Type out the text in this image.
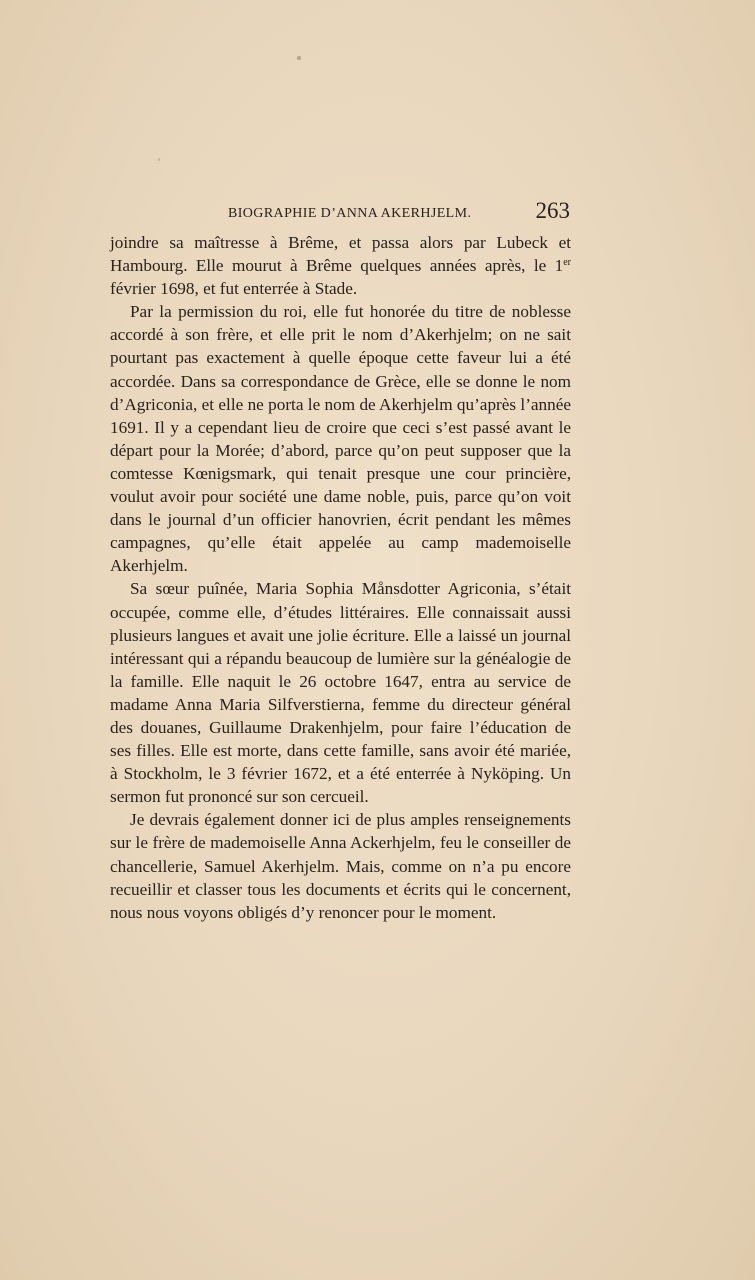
BIOGRAPHIE D’ANNA AKERHJELM.	263

joindre sa maîtresse à Brême, et passa alors par Lubeck et Hambourg. Elle mourut à Brême quelques années après, le 1er février 1698, et fut enterrée à Stade.

Par la permission du roi, elle fut honorée du titre de noblesse accordé à son frère, et elle prit le nom d’Akerhjelm; on ne sait pourtant pas exactement à quelle époque cette faveur lui a été accordée. Dans sa correspondance de Grèce, elle se donne le nom d’Agriconia, et elle ne porta le nom de Akerhjelm qu’après l’année 1691. Il y a cependant lieu de croire que ceci s’est passé avant le départ pour la Morée; d’abord, parce qu’on peut supposer que la comtesse Kœnigsmark, qui tenait presque une cour princière, voulut avoir pour société une dame noble, puis, parce qu’on voit dans le journal d’un officier hanovrien, écrit pendant les mêmes campagnes, qu’elle était appelée au camp mademoiselle Akerhjelm.

Sa sœur puînée, Maria Sophia Månsdotter Agriconia, s’était occupée, comme elle, d’études littéraires. Elle connaissait aussi plusieurs langues et avait une jolie écriture. Elle a laissé un journal intéressant qui a répandu beaucoup de lumière sur la généalogie de la famille. Elle naquit le 26 octobre 1647, entra au service de madame Anna Maria Silfverstierna, femme du directeur général des douanes, Guillaume Drakenhjelm, pour faire l’éducation de ses filles. Elle est morte, dans cette famille, sans avoir été mariée, à Stockholm, le 3 février 1672, et a été enterrée à Nyköping. Un sermon fut prononcé sur son cercueil.

Je devrais également donner ici de plus amples renseignements sur le frère de mademoiselle Anna Ackerhjelm, feu le conseiller de chancellerie, Samuel Akerhjelm. Mais, comme on n’a pu encore recueillir et classer tous les documents et écrits qui le concernent, nous nous voyons obligés d’y renoncer pour le moment.
